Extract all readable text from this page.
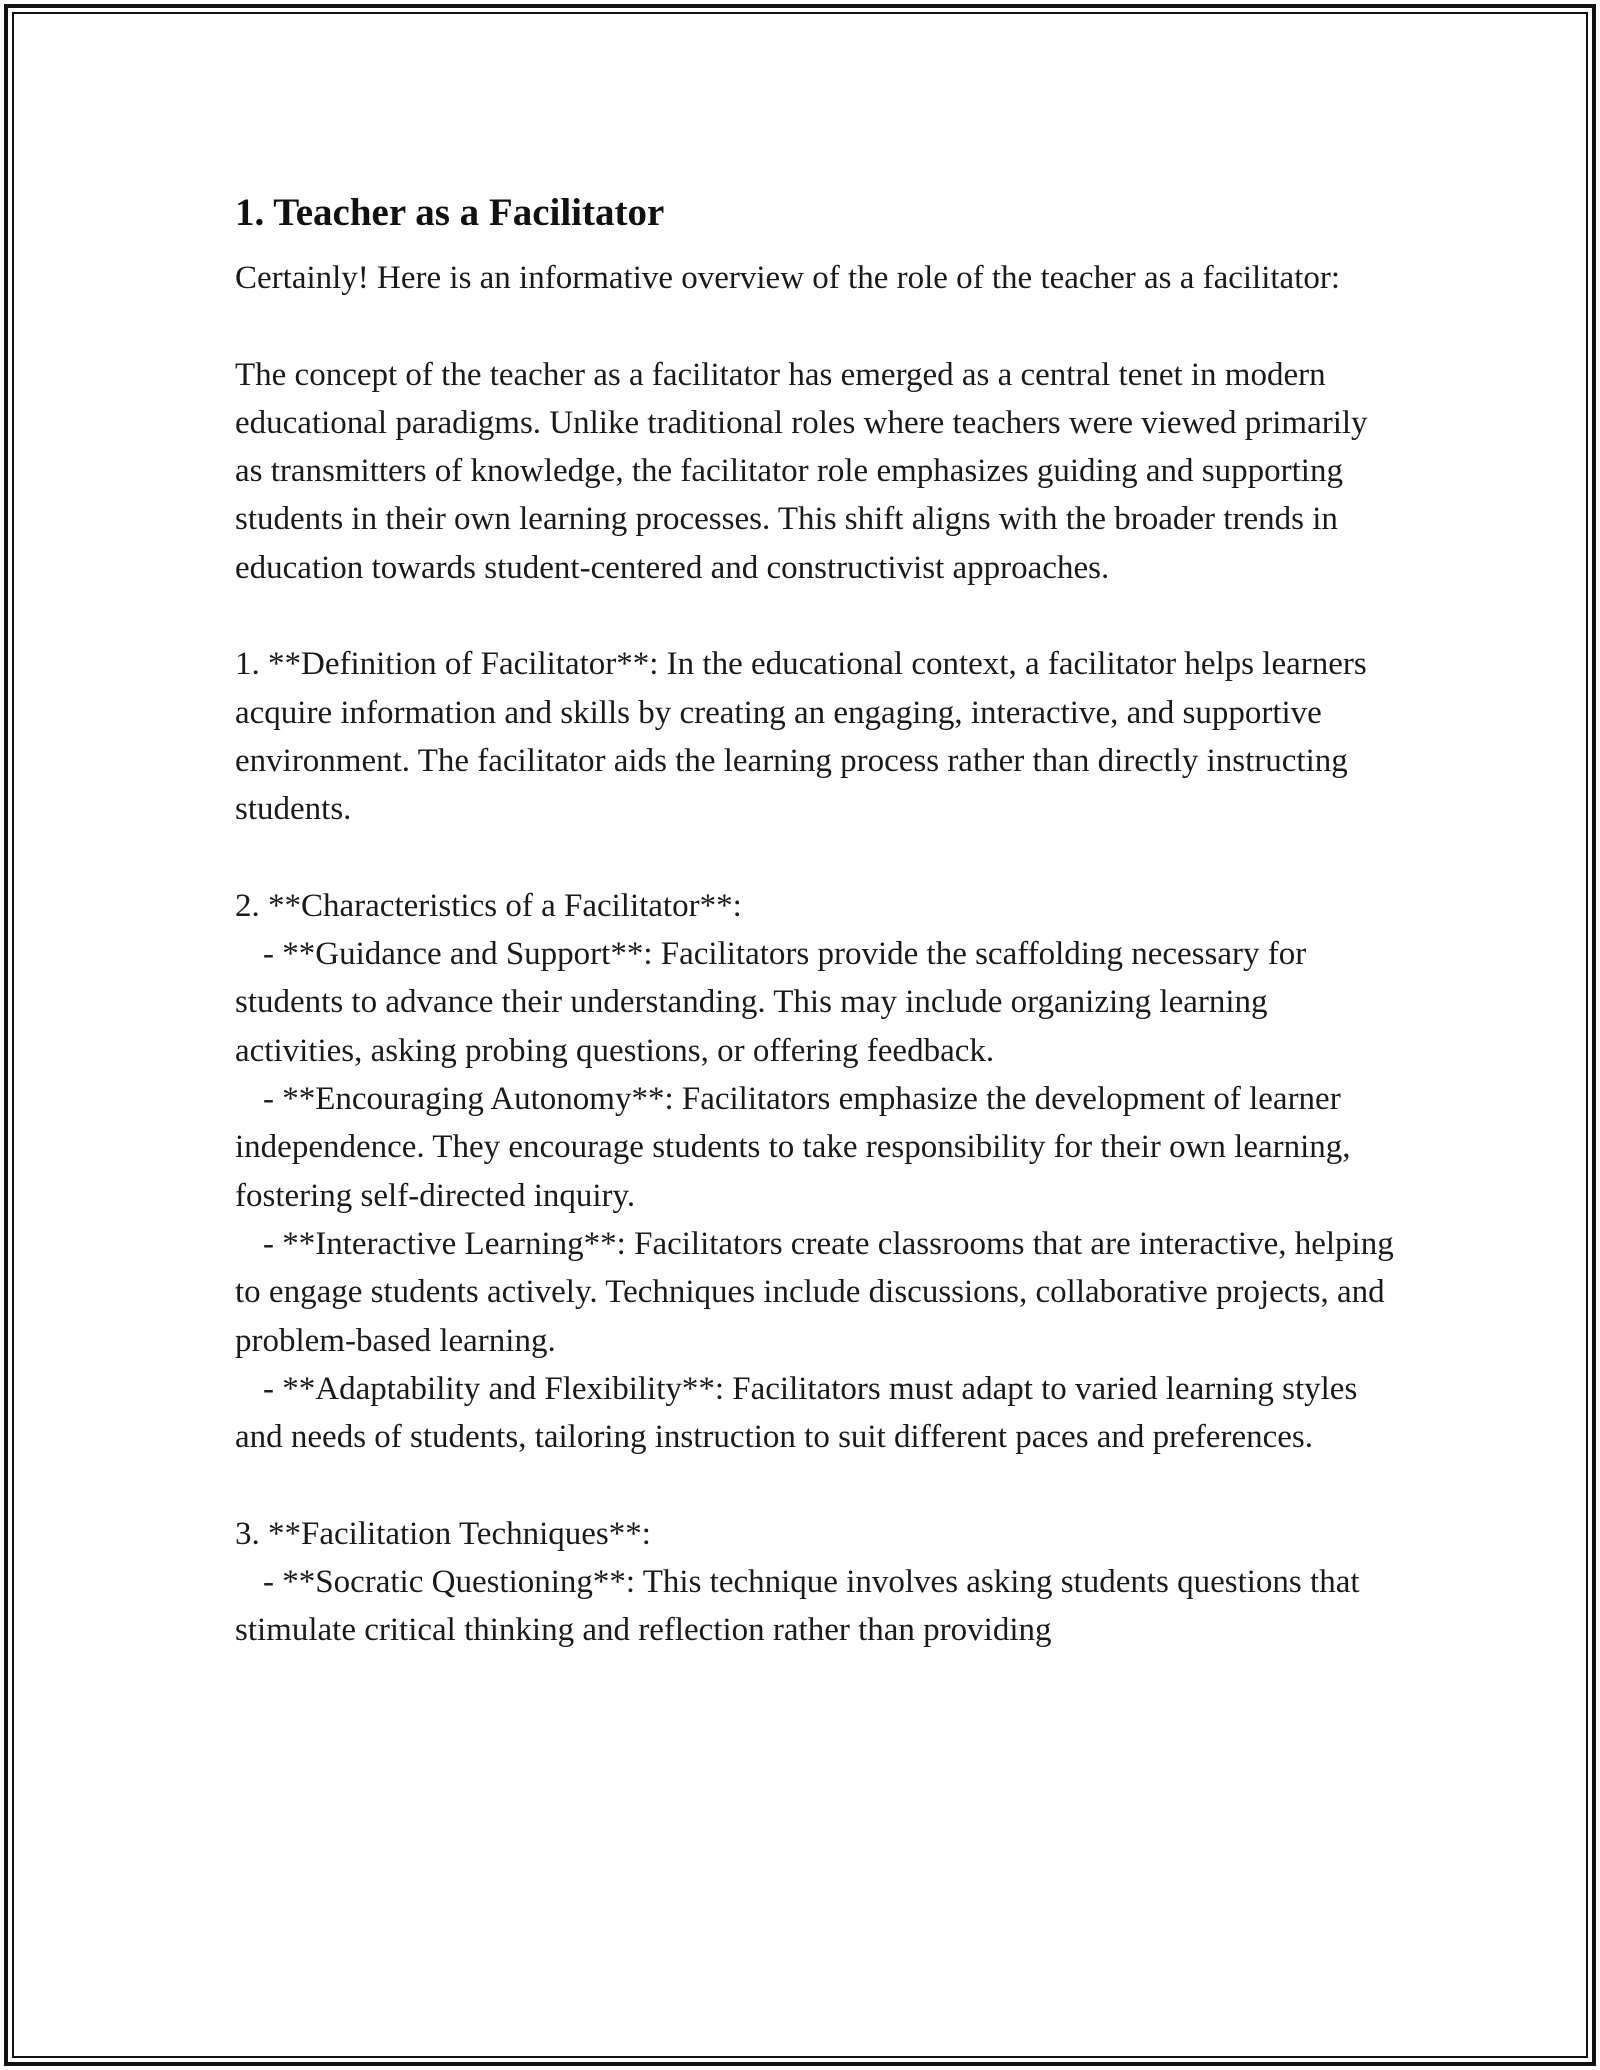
1. Teacher as a Facilitator

Certainly! Here is an informative overview of the role of the teacher as a facilitator:

The concept of the teacher as a facilitator has emerged as a central tenet in modern educational paradigms. Unlike traditional roles where teachers were viewed primarily as transmitters of knowledge, the facilitator role emphasizes guiding and supporting students in their own learning processes. This shift aligns with the broader trends in education towards student-centered and constructivist approaches.

1. **Definition of Facilitator**: In the educational context, a facilitator helps learners acquire information and skills by creating an engaging, interactive, and supportive environment. The facilitator aids the learning process rather than directly instructing students.

2. **Characteristics of a Facilitator**:
- **Guidance and Support**: Facilitators provide the scaffolding necessary for students to advance their understanding. This may include organizing learning activities, asking probing questions, or offering feedback.
- **Encouraging Autonomy**: Facilitators emphasize the development of learner independence. They encourage students to take responsibility for their own learning, fostering self-directed inquiry.
- **Interactive Learning**: Facilitators create classrooms that are interactive, helping to engage students actively. Techniques include discussions, collaborative projects, and problem-based learning.
- **Adaptability and Flexibility**: Facilitators must adapt to varied learning styles and needs of students, tailoring instruction to suit different paces and preferences.

3. **Facilitation Techniques**:
- **Socratic Questioning**: This technique involves asking students questions that stimulate critical thinking and reflection rather than providing
